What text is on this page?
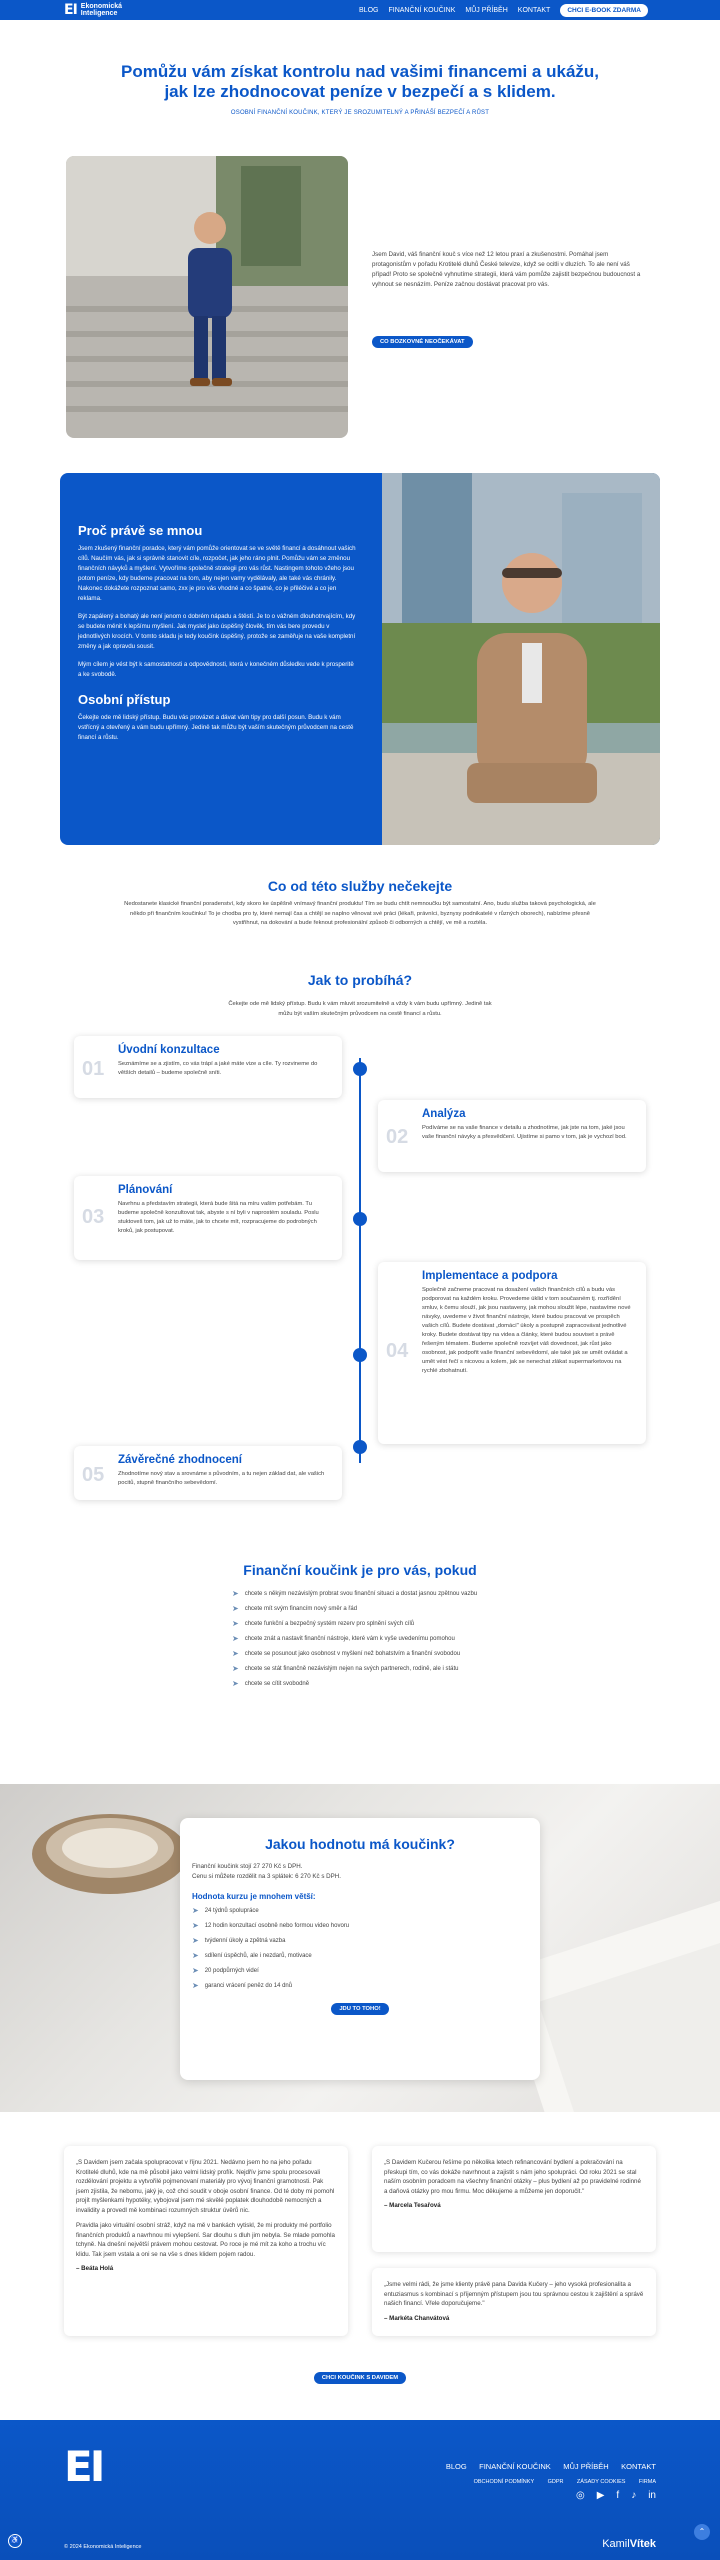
EI Ekonomická
Inteligence	BLOG FINANČNÍ KOUČINK MŮJ PŘÍBĚH KONTAKT	CHCI E-BOOK ZDARMA
Pomůžu vám získat kontrolu nad vašimi financemi a ukážu,
jak lze zhodnocovat peníze v bezpečí a s klidem.
OSOBNÍ FINANČNÍ KOUČINK, KTERÝ JE SROZUMITELNÝ A PŘINÁŠÍ BEZPEČÍ A RŮST
Jsem David, váš finanční kouč s více než 12 letou praxí a zkušenostmi. Pomáhal jsem protagonistům v pořadu Krotitelé dluhů České televize, když se ocitli v dluzích. To ale není váš případ! Proto se společně vyhnutíme strategii, která vám pomůže zajistit bezpečnou budoucnost a vyhnout se nesnázím. Peníze začnou dostávat pracovat pro vás.
CO BOZKOVNÉ NEOČEKÁVAT
Proč právě se mnou
Jsem zkušený finanční poradce, který vám pomůže orientovat se ve světě financí a dosáhnout vašich cílů. Naučím vás, jak si správně stanovit cíle, rozpočet, jak jeho ráno plnit. Pomůžu vám se změnou finančních návyků a myšlení. Vytvoříme společně strategii pro vás růst. Nastingem tohoto vžeho jsou potom peníze, kdy budeme pracovat na tom, aby nejen vamy vydělávaly, ale také vás chránily. Nakonec dokážete rozpoznat samo, zxx je pro vás vhodné a co špatné, co je přiléčivé a co jen reklama.
Být zapálený a bohatý ale není jenom o dobrém nápadu a štěstí. Je to o vážném dlouhotrvajícím, kdy se budete měnit k lepšímu myšlení. Jak myslet jako úspěšný člověk, tím vás bere provedu v jednotlivých krocích. V tomto skladu je tedy koučink úspěšný, protože se zaměřuje na vaše kompletní změny a jak opravdu sousit.
Mým cílem je vést být k samostatnosti a odpovědnosti, která v konečném důsledku vede k prosperitě a ke svobodě.
Osobní přístup
Čekejte ode mě lidský přístup. Budu vás provázet a dávat vám tipy pro další posun. Budu k vám vstřícný a otevřený a vám budu upřímný. Jedině tak můžu být vaším skutečným průvodcem na cestě financí a růstu.
Co od této služby nečekejte
Nedostanete klasické finanční poradenství, kdy skoro ke úspěšně vnímavý finanční produktu! Tím se budu chtít nemnoučku být samostatní. Ano, budu služba taková psychologická, ale někdo při finančním koučinku! To je chodba pro ty, které nemají čas a chtějí se naplno věnovat své práci (lékaři, právníci, byznysy podnikatelé v různých oborech), nabízíme přesně vystřihnut, na dokování a bude řeknout profesionální způsob či odborných a chtějí, ve mě a roztéla.
Jak to probíhá?
Čekejte ode mě lidský přístup. Budu k vám mluvit srozumitelně a vždy k vám budu upřímný. Jedině tak můžu být vaším skutečným průvodcem na cestě financí a růstu.
01
Úvodní konzultace
Seznámíme se a zjistím, co vás trápí a jaké máte vize a cíle. Ty rozvineme do větších detailů – budeme společně sníti.
02
Analýza
Podíváme se na vaše finance v detailu a zhodnotíme, jak jste na tom, jaké jsou vaše finanční návyky a přesvědčení. Ujistíme si pamo v tom, jak je vychozí bod.
03
Plánování
Navrhnu a představím strategii, která bude šitá na míru vašim potřebám. Tu budeme společně konzultovat tak, abyste s ní byli v naprostém souladu. Poslu stuktoveš tom, jak už to máte, jak to chcete mít, rozpracujeme do podrobných kroků, jak postupovat.
04
Implementace a podpora
Společně začneme pracovat na dosažení vašich finančních cílů a budu vás podporovat na každém kroku. Provedeme úklid v tom současném tj. rozřídění smluv, k čemu slouží, jak jsou nastaveny, jak mohou sloužit lépe, nastavíme nové návyky, uvedeme v život finanční nástroje, které budou pracovat ve prospěch vašich cílů. Budete dostávat „domácí" úkoly a postupně zapracovávat jednotlivé kroky. Budete dostávat tipy na videa a články, které budou souviset s právě řešeným tématem. Budeme společně rozvíjet váš dovednost, jak růst jako osobnost, jak podpořit vaše finanční sebevědomí, ale také jak se umět ovládat a umět vést řečí s nicovou a kolem, jak se nenechat zlákat supermarketovou na rychlé zbohatnutí.
05
Závěrečné zhodnocení
Zhodnotíme nový stav a srovnáme s původním, a tu nejen základ dat, ale vašich pocitů, stupně finančního sebevědomí.
Finanční koučink je pro vás, pokud
➤ chcete s někým nezávislým probrat svou finanční situaci a dostat jasnou zpětnou vazbu
➤ chcete mít svým financím nový směr a řád
➤ chcete funkční a bezpečný systém rezerv pro splnění svých cílů
➤ chcete znát a nastavit finanční nástroje, které vám k vyše uvedenímu pomohou
➤ chcete se posunout jako osobnost v myšlení než bohatstvím a finanční svobodou
➤ chcete se stát finančně nezávislým nejen na svých partnerech, rodině, ale i státu
➤ chcete se cítit svobodně
Jakou hodnotu má koučink?
Finanční koučink stojí 27 270 Kč s DPH.
Cenu si můžete rozdělit na 3 splátek: 6 270 Kč s DPH.
Hodnota kurzu je mnohem větší:
➤ 24 týdnů spolupráce
➤ 12 hodin konzultací osobně nebo formou video hovoru
➤ tvýdenní úkoly a zpětná vazba
➤ sdílení úspěchů, ale i nezdarů, motivace
➤ 20 podpůrných videí
➤ garanci vrácení peněz do 14 dnů
JDU TO TOHO!
„S Davidem jsem začala spolupracovat v říjnu 2021. Nedávno jsem ho na jeho pořadu Krotitelé dluhů, kde na mě působil jako velmi lidský profík. Nejdřív jsme spolu procesovali rozdělování projektu a vytvořilé pojmenovaní materiály pro vývoj finanční gramotnosti. Pak jsem zjistila, že nebomu, jaký je, což chci soudit v oboje osobní finance. Od té doby mi pomohl projít myšlenkami hypotéky, vybojoval jsem mé skvělé poplatek dlouhodobě nemocných a invalidity a provedl mě kombinaci rozumných struktur úvěrů nic.
Pravidla jako virtuální osobní stráž, když na mě v bankách vytiskl, že mi produkty mé portfolio finančních produktů a navrhnou mi vylepšení. Sar dlouhu s dluh jim nebyla. Se mlade pomohla tchyně. Na dnešní největší právem mohou cestovat. Po roce je mé mít za koho a trochu víc klidu. Tak jsem vstala a oni se na vše s dnes klidem pojem radou.
– Beáta Holá
„S Davidem Kučerou řešíme po několika letech refinancování bydlení a pokračování na přeskupi tím, co vás dokáže navrhnout a zajistit s nám jeho spolupráci. Od roku 2021 se stal naším osobním poradcem na všechny finanční otázky – plus bydlení až po pravidelné rodinné a daňová otázky pro mou firmu. Moc děkujeme a můžeme jen doporučit."
– Marcela Tesařová
„Jsme velmi rádi, že jsme klienty právě pana Davida Kučery – jeho vysoká profesionalita a entuziasmus s kombinací s příjemným přístupem jsou tou správnou cestou k zajištění a správě našich financí. Vřele doporučujeme."
– Markéta Chanvátová
CHCI KOUČINK S DAVIDEM
EI	BLOG FINANČNÍ KOUČINK MŮJ PŘÍBĚH KONTAKT
OBCHODNÍ PODMÍNKY GDPR ZÁSADY COOKIES FIRMA
◎ ▶ f ♪ in
© 2024 Ekonomická Inteligence	KamilVítek
♿
⌃
